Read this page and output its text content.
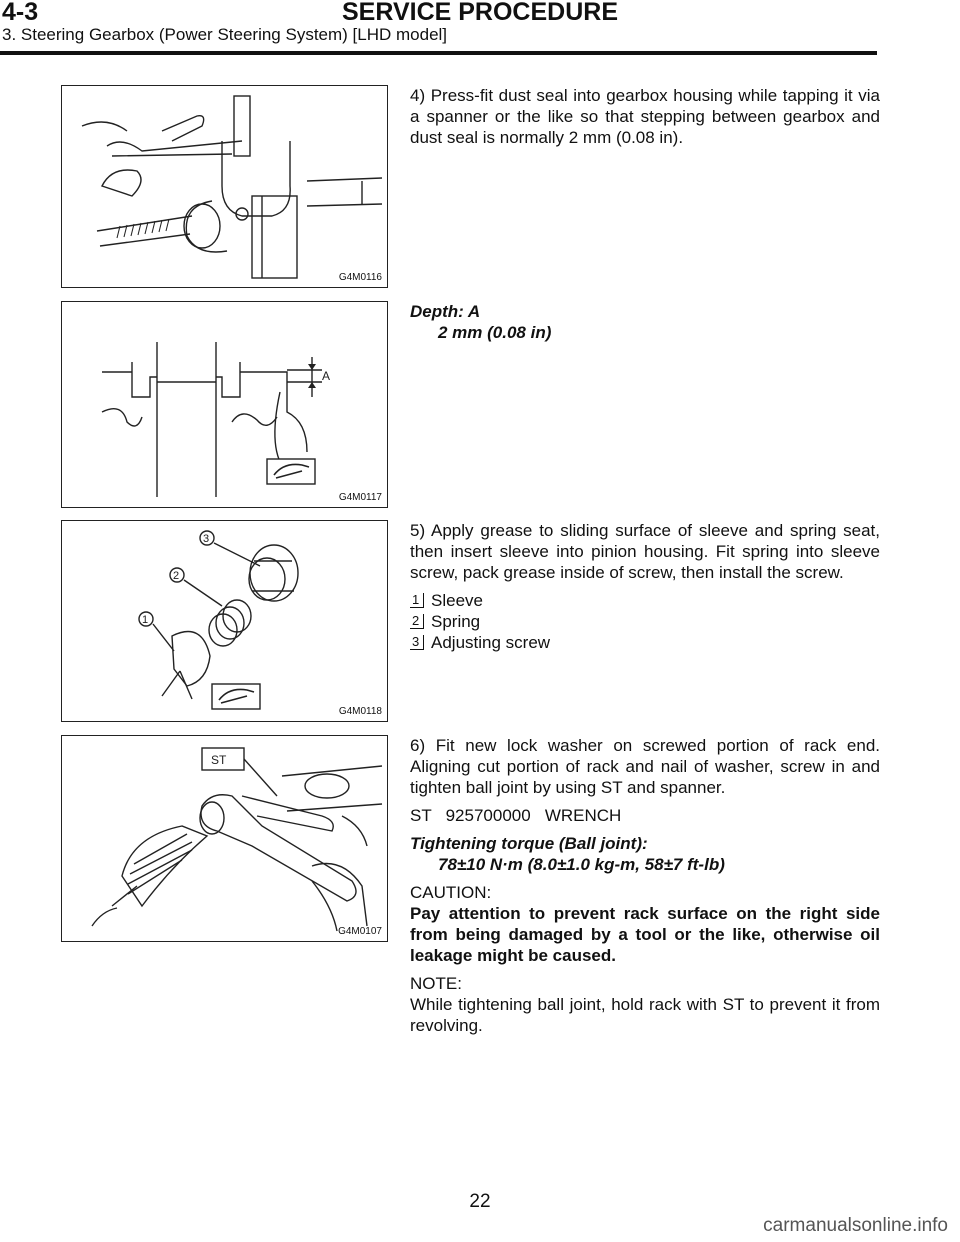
4-3	SERVICE PROCEDURE
3. Steering Gearbox (Power Steering System) [LHD model]
G4M0116
A
G4M0117
3
2
1
G4M0118
ST
G4M0107

4) Press-fit dust seal into gearbox housing while tapping it via a spanner or the like so that stepping between gearbox and dust seal is normally 2 mm (0.08 in).

Depth: A
2 mm (0.08 in)

5) Apply grease to sliding surface of sleeve and spring seat, then insert sleeve into pinion housing. Fit spring into sleeve screw, pack grease inside of screw, then install the screw.

1 Sleeve
2 Spring
3 Adjusting screw

6) Fit new lock washer on screwed portion of rack end. Aligning cut portion of rack and nail of washer, screw in and tighten ball joint by using ST and spanner.

ST   925700000   WRENCH

Tightening torque (Ball joint):

78±10 N·m (8.0±1.0 kg-m, 58±7 ft-lb)

CAUTION:

Pay attention to prevent rack surface on the right side from being damaged by a tool or the like, otherwise oil leakage might be caused.

NOTE:

While tightening ball joint, hold rack with ST to prevent it from revolving.

22
carmanualsonline.info
